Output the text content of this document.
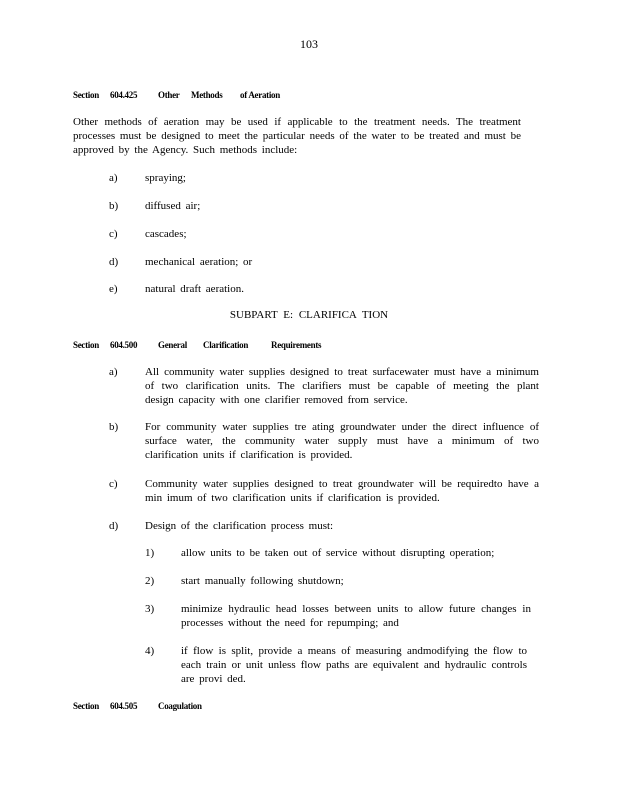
103
Section 604.425 Other Methods of Aeration
Other methods of aeration may be used if applicable to the treatment needs. The treatment processes must be designed to meet the particular needs of the water to be treated and must be approved by the Agency. Such methods include:
a) spraying;
b) diffused air;
c) cascades;
d) mechanical aeration; or
e) natural draft aeration.
SUBPART E: CLARIFICA TION
Section 604.500 General Clarification	Requirements
a) All community water supplies designed to treat surfacewater must have a minimum of two clarification units. The clarifiers must be capable of meeting the plant design capacity with one clarifier removed from service.
b) For community water supplies tre ating groundwater under the direct influence of surface water, the community water supply must have a minimum of two clarification units if clarification is provided.
c) Community water supplies designed to treat groundwater will be requiredto have a min imum of two clarification units if clarification is provided.
d) Design of the clarification process must:
1) allow units to be taken out of service without disrupting operation;
2) start manually following shutdown;
3) minimize hydraulic head losses between units to allow future changes in processes without the need for repumping; and
4) if flow is split, provide a means of measuring andmodifying the flow to each train or unit unless flow paths are equivalent and hydraulic controls are provi ded.
Section 604.505 Coagulation
